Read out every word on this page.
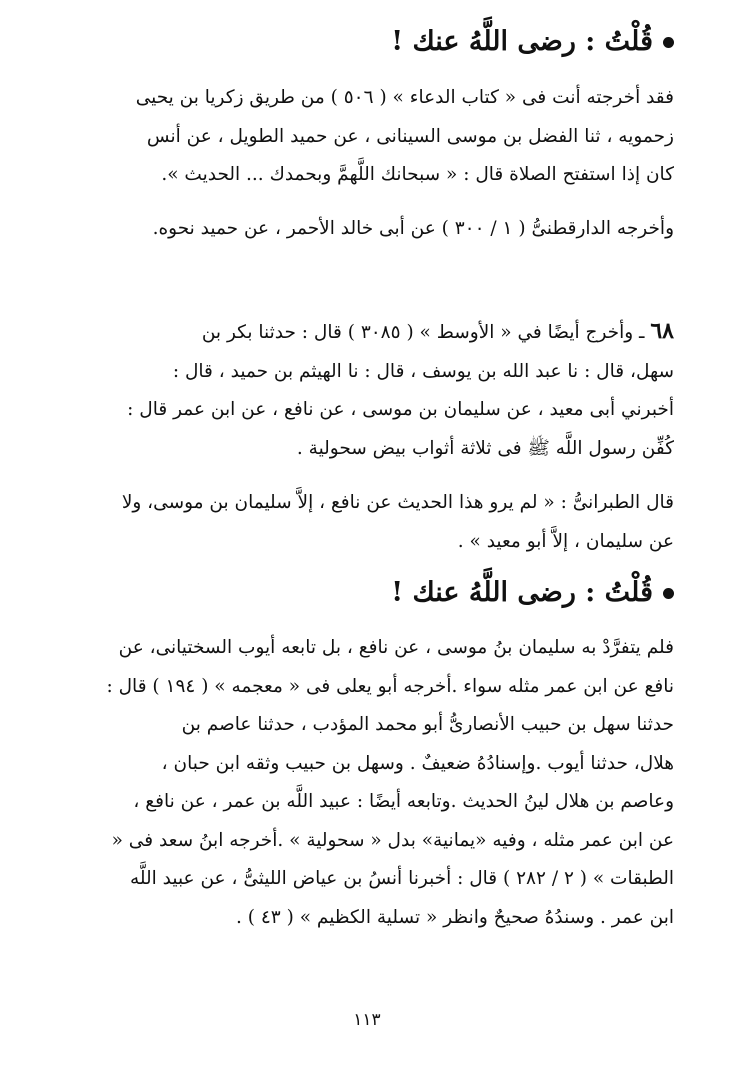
قُلْتُ : رضى اللَّهُ عنك !
فقد أخرجته أنت فى « كتاب الدعاء » ( ٥٠٦ ) من طريق زكريا بن يحيى
زحمويه ، ثنا الفضل بن موسى السينانى ، عن حميد الطويل ، عن أنس
كان إذا استفتح الصلاة قال : « سبحانك اللَّهمَّ وبحمدك ... الحديث ».
وأخرجه الدارقطنىُّ ( ١ / ٣٠٠ ) عن أبى خالد الأحمر ، عن حميد نحوه.
٦٨ ـ وأخرج أيضًا في « الأوسط » ( ٣٠٨٥ ) قال : حدثنا بكر بن
سهل، قال : نا عبد الله بن يوسف ، قال : نا الهيثم بن حميد ، قال :
أخبرني أبى معيد ، عن سليمان بن موسى ، عن نافع ، عن ابن عمر قال :
كُفِّن رسول اللَّه ﷺ فى ثلاثة أثواب بيض سحولية .
قال الطبرانىُّ : « لم يرو هذا الحديث عن نافع ، إلاَّ سليمان بن موسى، ولا
عن سليمان ، إلاَّ أبو معيد » .
قُلْتُ : رضى اللَّهُ عنك !
فلم يتفرَّدْ به سليمان بنُ موسى ، عن نافع ، بل تابعه أيوب السختيانى، عن
نافع عن ابن عمر مثله سواء .أخرجه أبو يعلى فى « معجمه » ( ١٩٤ ) قال :
حدثنا سهل بن حبيب الأنصارىُّ أبو محمد المؤدب ، حدثنا عاصم بن
هلال، حدثنا أيوب .وإسنادُهُ ضعيفٌ . وسهل بن حبيب وثقه ابن حبان ،
وعاصم بن هلال لينُ الحديث .وتابعه أيضًا : عبيد اللَّه بن عمر ، عن نافع ،
عن ابن عمر مثله ، وفيه «يمانية» بدل « سحولية » .أخرجه ابنُ سعد فى «
الطبقات » ( ٢ / ٢٨٢ ) قال : أخبرنا أنسُ بن عياض الليثىُّ ، عن عبيد اللَّه
ابن عمر . وسندُهُ صحيحٌ وانظر « تسلية الكظيم » ( ٤٣ ) .
١١٣
